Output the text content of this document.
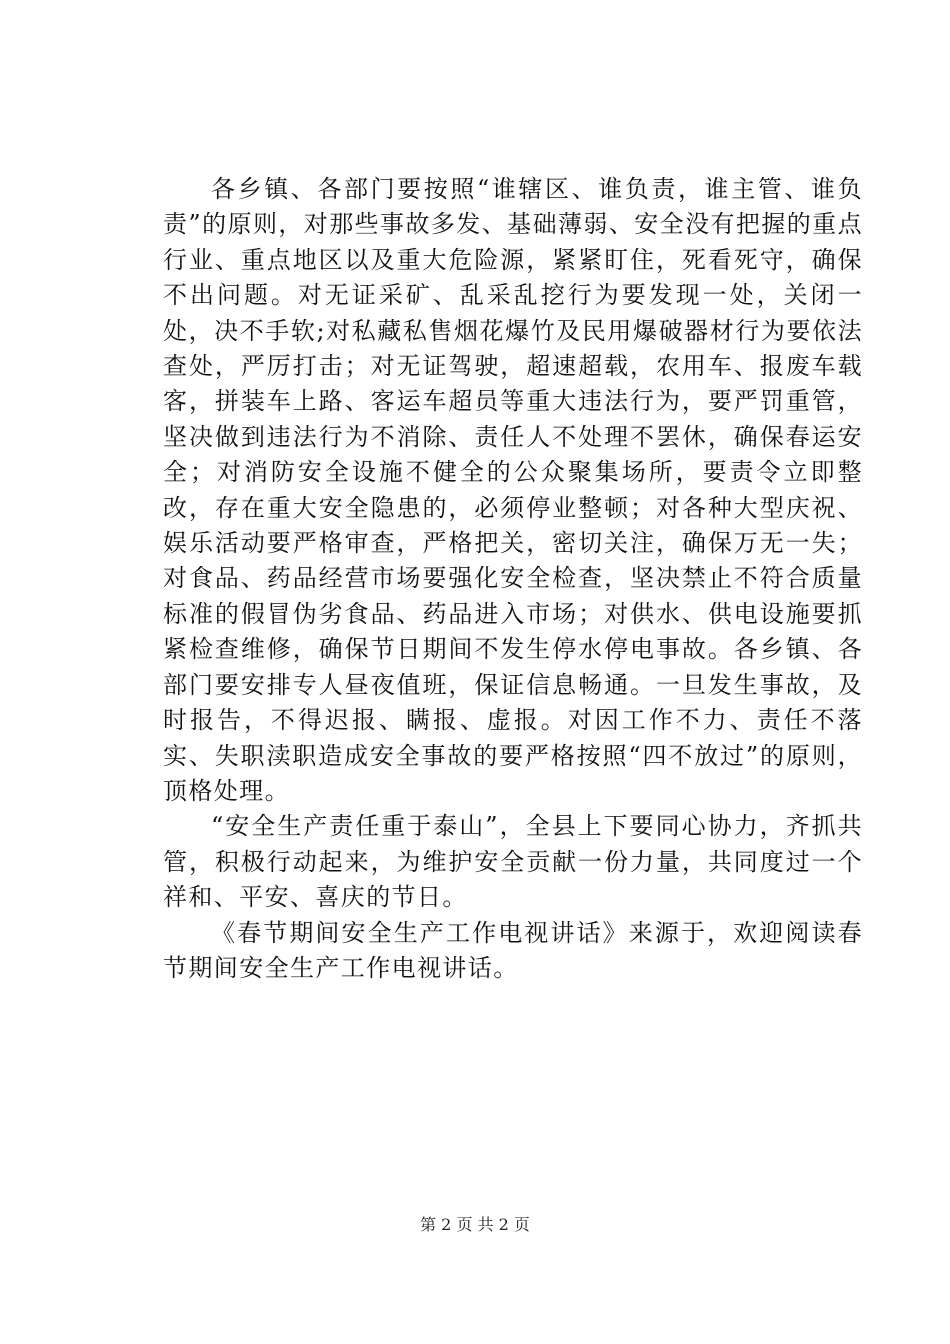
各乡镇、各部门要按照“谁辖区、谁负责，谁主管、谁负责”的原则，对那些事故多发、基础薄弱、安全没有把握的重点行业、重点地区以及重大危险源，紧紧盯住，死看死守，确保不出问题。对无证采矿、乱采乱挖行为要发现一处，关闭一处，决不手软;对私藏私售烟花爆竹及民用爆破器材行为要依法查处，严厉打击；对无证驾驶，超速超载，农用车、报废车载客，拼装车上路、客运车超员等重大违法行为，要严罚重管，坚决做到违法行为不消除、责任人不处理不罢休，确保春运安全；对消防安全设施不健全的公众聚集场所，要责令立即整改，存在重大安全隐患的，必须停业整顿；对各种大型庆祝、娱乐活动要严格审查，严格把关，密切关注，确保万无一失；对食品、药品经营市场要强化安全检查，坚决禁止不符合质量标准的假冒伪劣食品、药品进入市场；对供水、供电设施要抓紧检查维修，确保节日期间不发生停水停电事故。各乡镇、各部门要安排专人昼夜值班，保证信息畅通。一旦发生事故，及时报告，不得迟报、瞒报、虚报。对因工作不力、责任不落实、失职渎职造成安全事故的要严格按照“四不放过”的原则，顶格处理。

“安全生产责任重于泰山”，全县上下要同心协力，齐抓共管，积极行动起来，为维护安全贡献一份力量，共同度过一个祥和、平安、喜庆的节日。

《春节期间安全生产工作电视讲话》来源于，欢迎阅读春节期间安全生产工作电视讲话。

第 2 页 共 2 页
